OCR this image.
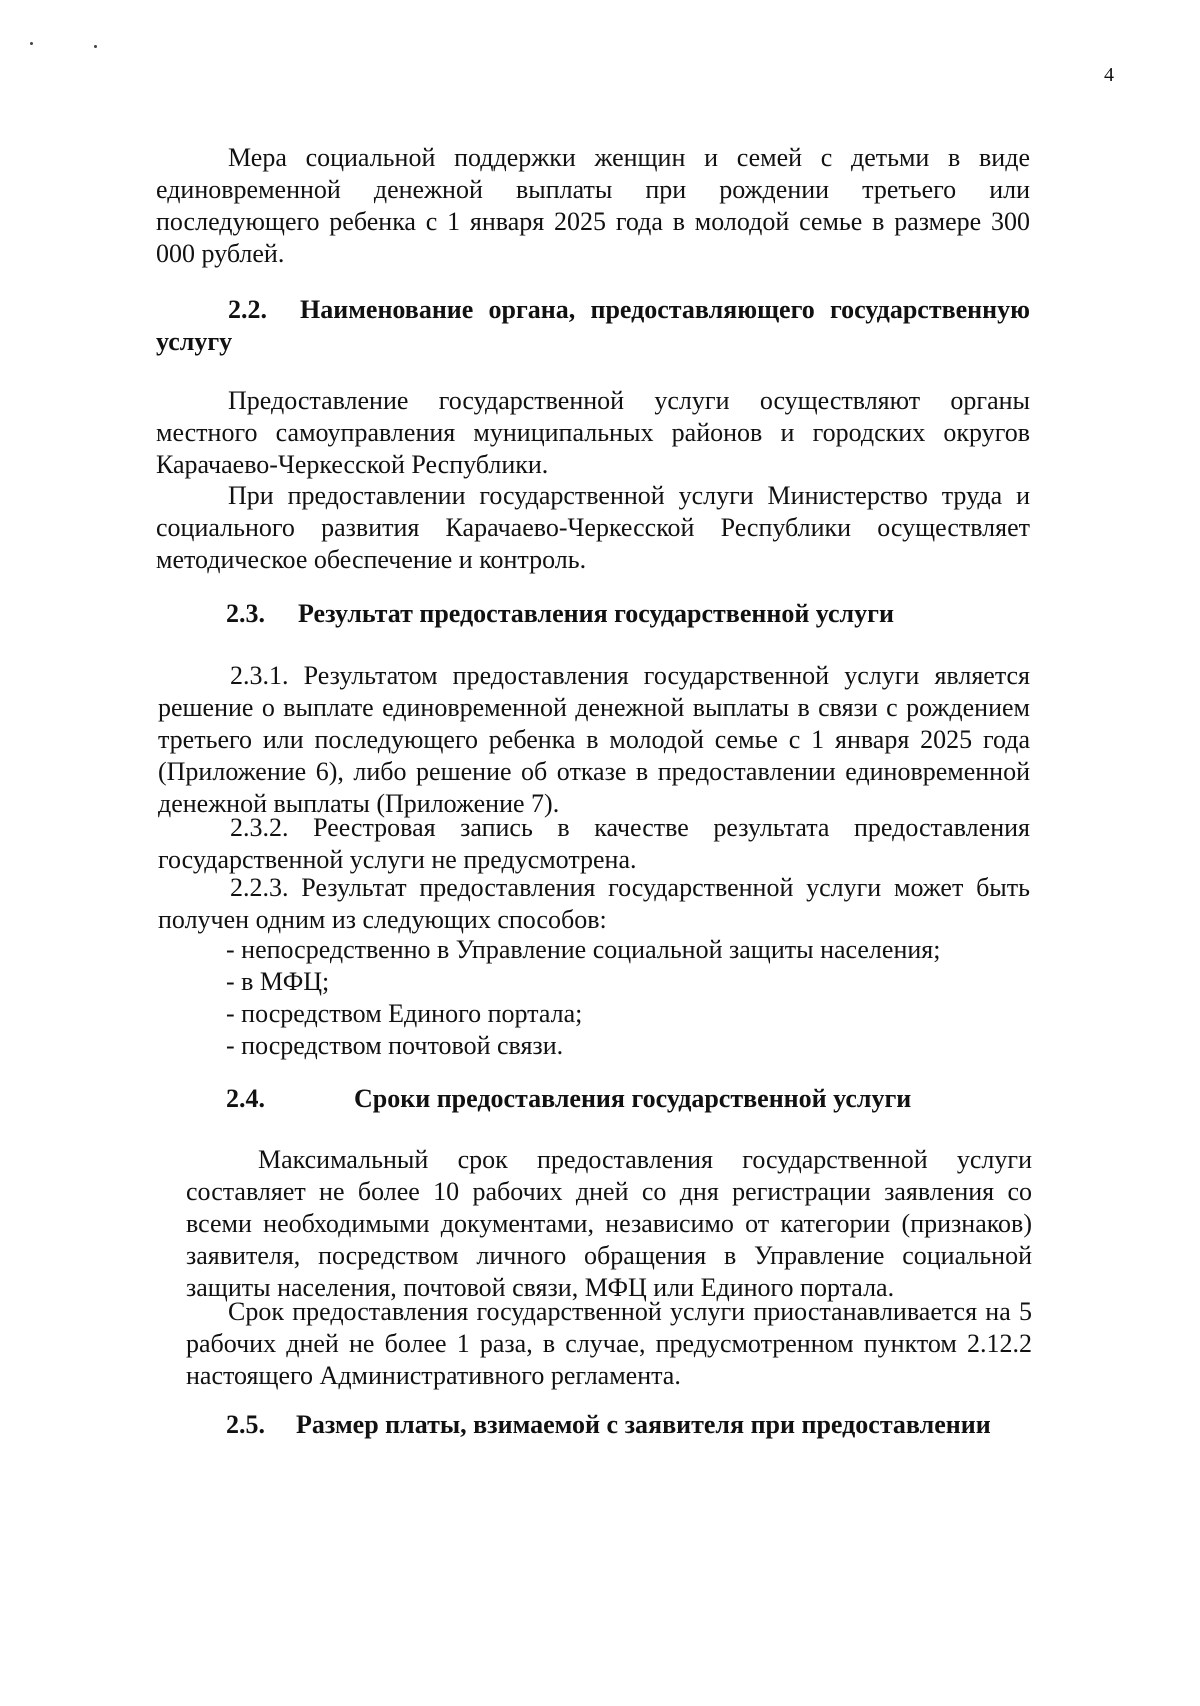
4

Мера социальной поддержки женщин и семей с детьми в виде единовременной денежной выплаты при рождении третьего или последующего ребенка с 1 января 2025 года в молодой семье в размере 300 000 рублей.

2.2. Наименование органа, предоставляющего государственную услугу

Предоставление государственной услуги осуществляют органы местного самоуправления муниципальных районов и городских округов Карачаево-Черкесской Республики.

При предоставлении государственной услуги Министерство труда и социального развития Карачаево-Черкесской Республики осуществляет методическое обеспечение и контроль.

2.3. Результат предоставления государственной услуги

2.3.1. Результатом предоставления государственной услуги является решение о выплате единовременной денежной выплаты в связи с рождением третьего или последующего ребенка в молодой семье с 1 января 2025 года (Приложение 6), либо решение об отказе в предоставлении единовременной денежной выплаты (Приложение 7).

2.3.2. Реестровая запись в качестве результата предоставления государственной услуги не предусмотрена.

2.2.3. Результат предоставления государственной услуги может быть получен одним из следующих способов:

- непосредственно в Управление социальной защиты населения;
- в МФЦ;
- посредством Единого портала;
- посредством почтовой связи.
2.4.	Сроки предоставления государственной услуги

Максимальный срок предоставления государственной услуги составляет не более 10 рабочих дней со дня регистрации заявления со всеми необходимыми документами, независимо от категории (признаков) заявителя, посредством личного обращения в Управление социальной защиты населения, почтовой связи, МФЦ или Единого портала.

Срок предоставления государственной услуги приостанавливается на 5 рабочих дней не более 1 раза, в случае, предусмотренном пунктом 2.12.2 настоящего Административного регламента.

2.5. Размер платы, взимаемой с заявителя при предоставлении
